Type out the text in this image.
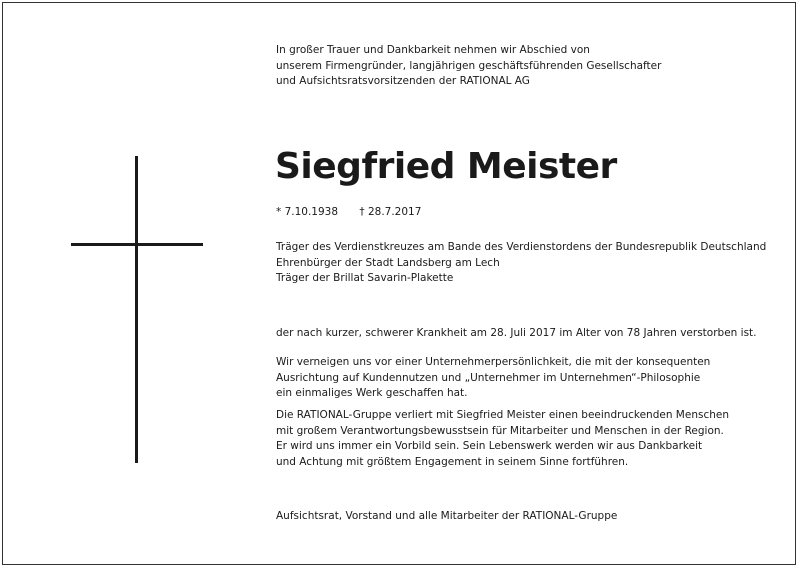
In großer Trauer und Dankbarkeit nehmen wir Abschied von
unserem Firmengründer, langjährigen geschäftsführenden Gesellschafter
und Aufsichtsratsvorsitzenden der RATIONAL AG
Siegfried Meister
* 7.10.1938 † 28.7.2017
Träger des Verdienstkreuzes am Bande des Verdienstordens der Bundesrepublik Deutschland
Ehrenbürger der Stadt Landsberg am Lech
Träger der Brillat Savarin-Plakette
der nach kurzer, schwerer Krankheit am 28. Juli 2017 im Alter von 78 Jahren verstorben ist.
Wir verneigen uns vor einer Unternehmerpersönlichkeit, die mit der konsequenten
Ausrichtung auf Kundennutzen und „Unternehmer im Unternehmen“-Philosophie
ein einmaliges Werk geschaffen hat.
Die RATIONAL-Gruppe verliert mit Siegfried Meister einen beeindruckenden Menschen
mit großem Verantwortungsbewusstsein für Mitarbeiter und Menschen in der Region.
Er wird uns immer ein Vorbild sein. Sein Lebenswerk werden wir aus Dankbarkeit
und Achtung mit größtem Engagement in seinem Sinne fortführen.
Aufsichtsrat, Vorstand und alle Mitarbeiter der RATIONAL-Gruppe
